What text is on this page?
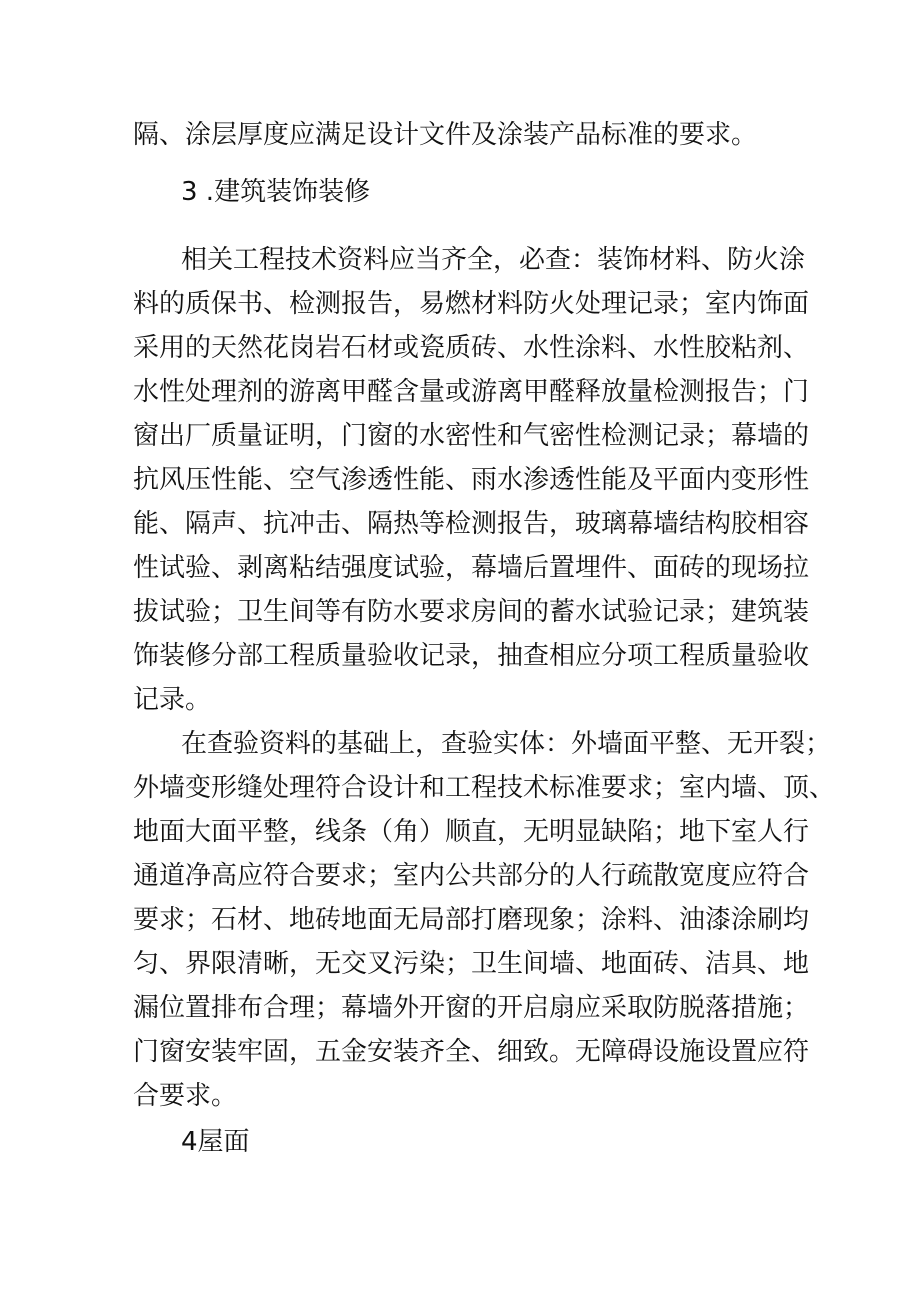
隔、涂层厚度应满足设计文件及涂装产品标准的要求。
3 .建筑装饰装修
相关工程技术资料应当齐全，必查：装饰材料、防火涂
料的质保书、检测报告，易燃材料防火处理记录；室内饰面
采用的天然花岗岩石材或瓷质砖、水性涂料、水性胶粘剂、
水性处理剂的游离甲醛含量或游离甲醛释放量检测报告；门
窗出厂质量证明，门窗的水密性和气密性检测记录；幕墙的
抗风压性能、空气渗透性能、雨水渗透性能及平面内变形性
能、隔声、抗冲击、隔热等检测报告，玻璃幕墙结构胶相容
性试验、剥离粘结强度试验，幕墙后置埋件、面砖的现场拉
拔试验；卫生间等有防水要求房间的蓄水试验记录；建筑装
饰装修分部工程质量验收记录，抽查相应分项工程质量验收
记录。
在查验资料的基础上，查验实体：外墙面平整、无开裂；
外墙变形缝处理符合设计和工程技术标准要求；室内墙、顶、
地面大面平整，线条（角）顺直，无明显缺陷；地下室人行
通道净高应符合要求；室内公共部分的人行疏散宽度应符合
要求；石材、地砖地面无局部打磨现象；涂料、油漆涂刷均
匀、界限清晰，无交叉污染；卫生间墙、地面砖、洁具、地
漏位置排布合理；幕墙外开窗的开启扇应采取防脱落措施；
门窗安装牢固，五金安装齐全、细致。无障碍设施设置应符
合要求。
4屋面
